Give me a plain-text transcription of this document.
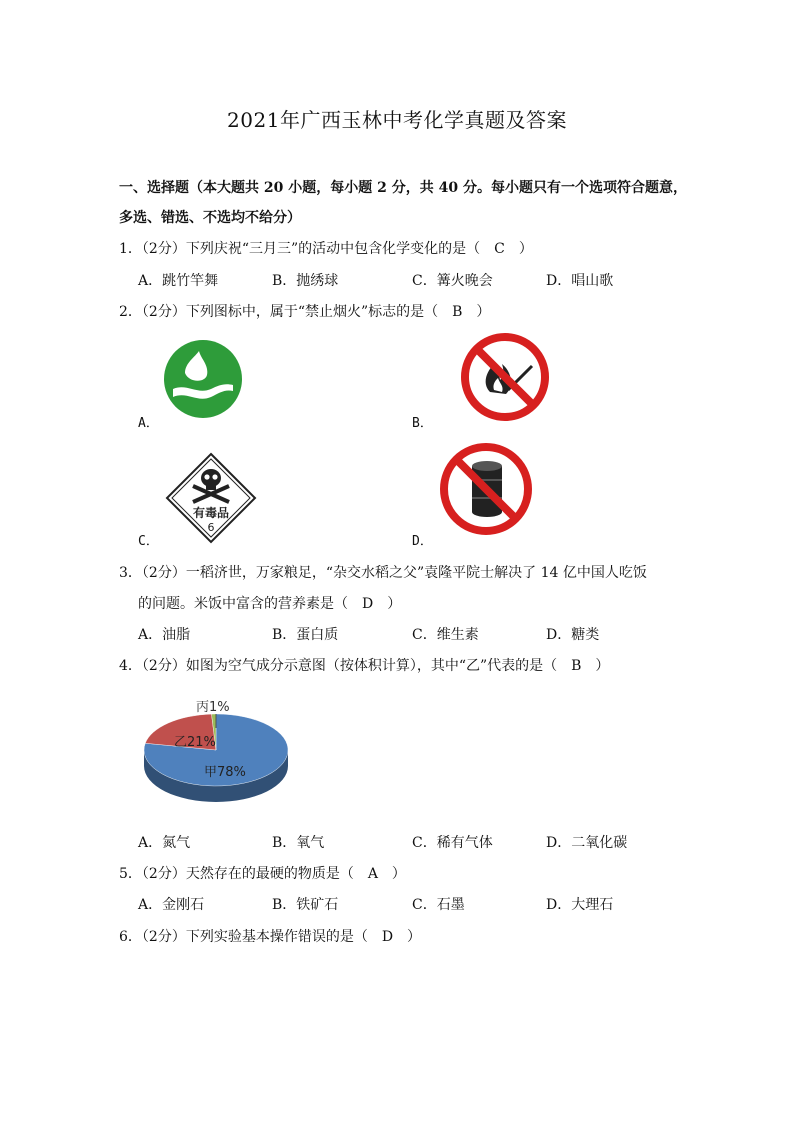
2021年广西玉林中考化学真题及答案
一、选择题（本大题共 20 小题，每小题 2 分，共 40 分。每小题只有一个选项符合题意，
多选、错选、不选均不给分）
1．（2分）下列庆祝“三月三”的活动中包含化学变化的是（　C　）
A．跳竹竿舞	B．抛绣球	C．篝火晚会	D．唱山歌
2．（2分）下列图标中，属于“禁止烟火”标志的是（　B　）
A．	B．
有毒品
6
C．	D．
3．（2分）一稻济世，万家粮足，“杂交水稻之父”袁隆平院士解决了 14 亿中国人吃饭
的问题。米饭中富含的营养素是（　D　）
A．油脂	B．蛋白质	C．维生素	D．糖类
4．（2分）如图为空气成分示意图（按体积计算），其中“乙”代表的是（　B　）
丙1%
乙21%
甲78%
A．氮气	B．氧气	C．稀有气体	D．二氧化碳
5．（2分）天然存在的最硬的物质是（　A　）
A．金刚石	B．铁矿石	C．石墨	D．大理石
6．（2分）下列实验基本操作错误的是（　D　）
